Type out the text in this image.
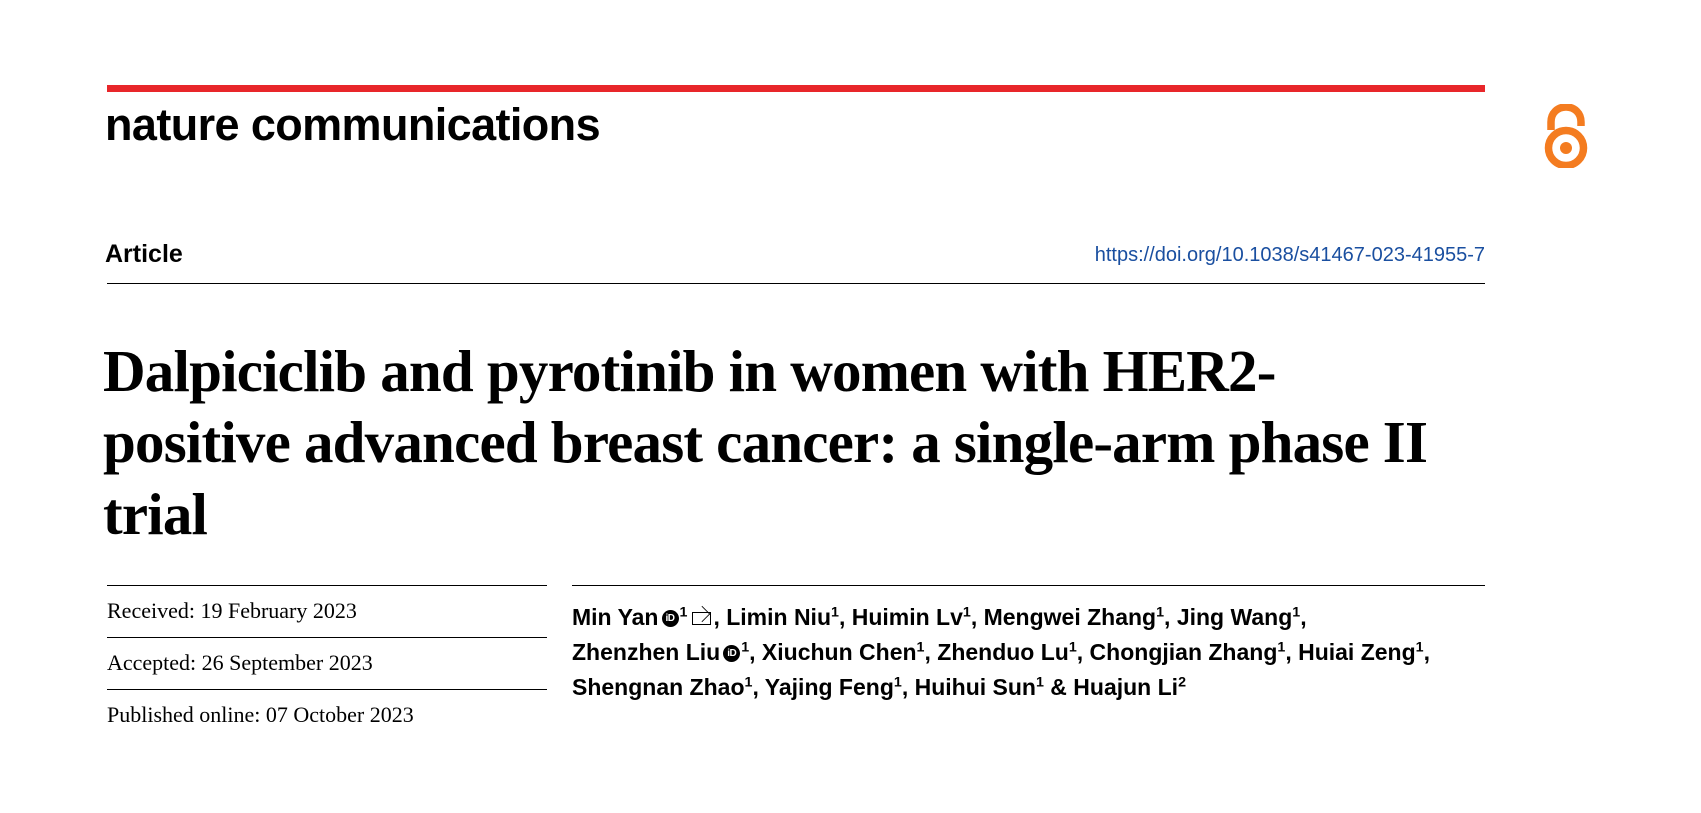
nature communications
Article	https://doi.org/10.1038/s41467-023-41955-7
Dalpiciclib and pyrotinib in women with HER2-positive advanced breast cancer: a single-arm phase II trial
Received: 19 February 2023
Accepted: 26 September 2023
Published online: 07 October 2023
Min Yan iD $^1$ , Limin Niu$^1$, Huimin Lv$^1$, Mengwei Zhang$^1$, Jing Wang$^1$,
Zhenzhen Liu iD $^1$, Xiuchun Chen$^1$, Zhenduo Lu$^1$, Chongjian Zhang$^1$, Huiai Zeng$^1$,
Shengnan Zhao$^1$, Yajing Feng$^1$, Huihui Sun$^1$ & Huajun Li$^2$
